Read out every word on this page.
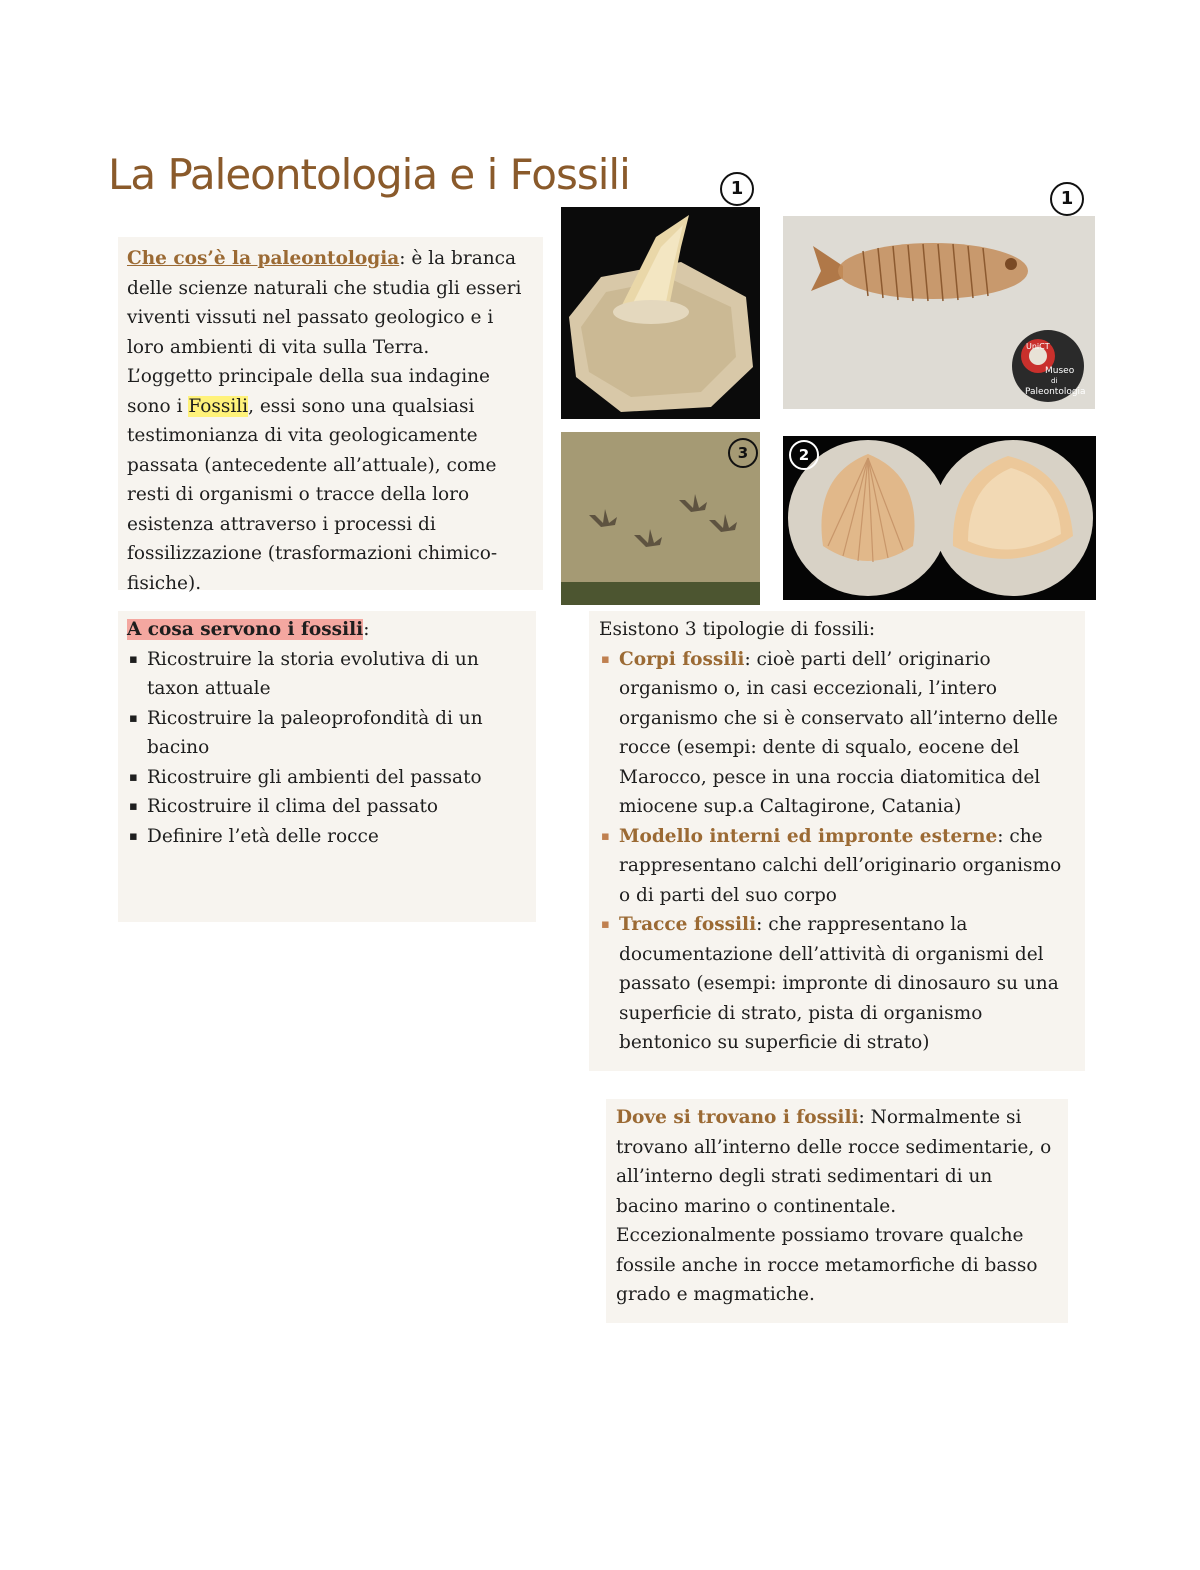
La Paleontologia e i Fossili	1	1
Che cos’è la paleontologia: è la branca delle scienze naturali che studia gli esseri viventi vissuti nel passato geologico e i loro ambienti di vita sulla Terra.
L’oggetto principale della sua indagine sono i Fossili, essi sono una qualsiasi testimonianza di vita geologicamente passata (antecedente all’attuale), come resti di organismi o tracce della loro esistenza attraverso i processi di fossilizzazione (trasformazioni chimico-fisiche).
UniCT
Museo
di
Paleontologia
3	2
A cosa servono i fossili:
▪ Ricostruire la storia evolutiva di un taxon attuale
▪ Ricostruire la paleoprofondità di un bacino
▪ Ricostruire gli ambienti del passato
▪ Ricostruire il clima del passato
▪ Definire l’età delle rocce
Esistono 3 tipologie di fossili:
▪ Corpi fossili: cioè parti dell’ originario organismo o, in casi eccezionali, l’intero organismo che si è conservato all’interno delle rocce (esempi: dente di squalo, eocene del Marocco, pesce in una roccia diatomitica del miocene sup.a Caltagirone, Catania)
▪ Modello interni ed impronte esterne: che rappresentano calchi dell’originario organismo o di parti del suo corpo
▪ Tracce fossili: che rappresentano la documentazione dell’attività di organismi del passato (esempi: impronte di dinosauro su una superficie di strato, pista di organismo bentonico su superficie di strato)
Dove si trovano i fossili: Normalmente si trovano all’interno delle rocce sedimentarie, o all’interno degli strati sedimentari di un bacino marino o continentale.
Eccezionalmente possiamo trovare qualche fossile anche in rocce metamorfiche di basso grado e magmatiche.
